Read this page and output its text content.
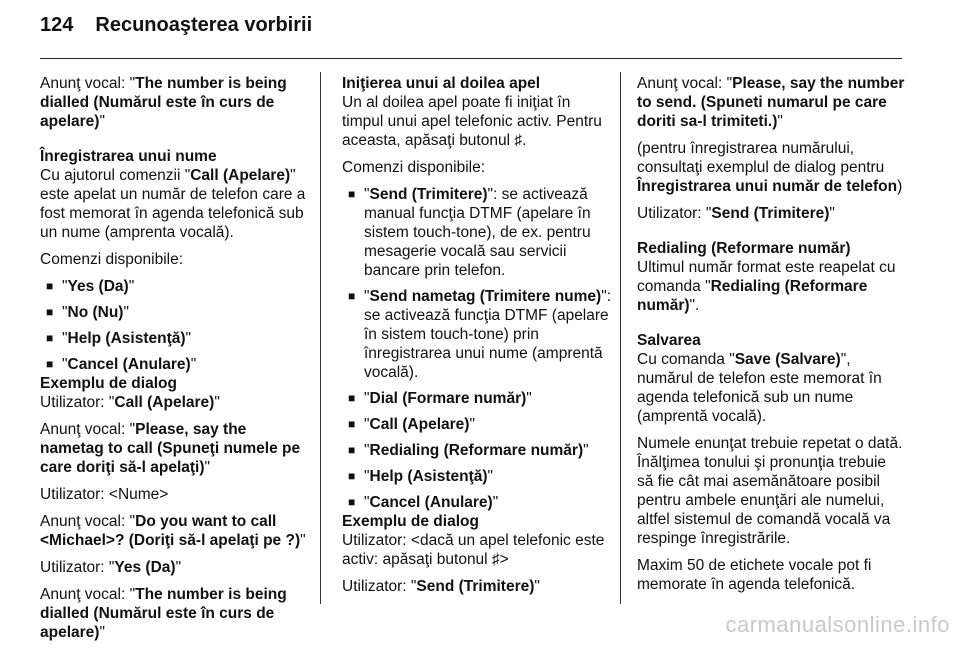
124 Recunoaşterea vorbirii

Anunţ vocal: "The number is being dialled (Numărul este în curs de apelare)"

Înregistrarea unui nume

Cu ajutorul comenzii "Call (Apelare)" este apelat un număr de telefon care a fost memorat în agenda telefonică sub un nume (amprenta vocală).

Comenzi disponibile:

■ "Yes (Da)"
■ "No (Nu)"
■ "Help (Asistenţă)"
■ "Cancel (Anulare)"
Exemplu de dialog

Utilizator: "Call (Apelare)"

Anunţ vocal: "Please, say the nametag to call (Spuneţi numele pe care doriţi să-l apelaţi)"

Utilizator: <Nume>

Anunţ vocal: "Do you want to call <Michael>? (Doriţi să-l apelaţi pe ?)"

Utilizator: "Yes (Da)"

Anunţ vocal: "The number is being dialled (Numărul este în curs de apelare)"

Iniţierea unui al doilea apel

Un al doilea apel poate fi iniţiat în timpul unui apel telefonic activ. Pentru aceasta, apăsaţi butonul ♯.

Comenzi disponibile:

■ "Send (Trimitere)": se activează manual funcţia DTMF (apelare în sistem touch-tone), de ex. pentru mesagerie vocală sau servicii bancare prin telefon.
■ "Send nametag (Trimitere nume)": se activează funcţia DTMF (apelare în sistem touch-tone) prin înregistrarea unui nume (amprentă vocală).
■ "Dial (Formare număr)"
■ "Call (Apelare)"
■ "Redialing (Reformare număr)"
■ "Help (Asistenţă)"
■ "Cancel (Anulare)"
Exemplu de dialog

Utilizator: <dacă un apel telefonic este activ: apăsaţi butonul ♯>

Utilizator: "Send (Trimitere)"

Anunţ vocal: "Please, say the number to send. (Spuneti numarul pe care doriti sa-l trimiteti.)"

(pentru înregistrarea numărului, consultaţi exemplul de dialog pentru Înregistrarea unui număr de telefon)

Utilizator: "Send (Trimitere)"

Redialing (Reformare număr)

Ultimul număr format este reapelat cu comanda "Redialing (Reformare număr)".

Salvarea

Cu comanda "Save (Salvare)", numărul de telefon este memorat în agenda telefonică sub un nume (amprentă vocală).

Numele enunţat trebuie repetat o dată. Înălţimea tonului şi pronunţia trebuie să fie cât mai asemănătoare posibil pentru ambele enunţări ale numelui, altfel sistemul de comandă vocală va respinge înregistrările.

Maxim 50 de etichete vocale pot fi memorate în agenda telefonică.

carmanualsonline.info
